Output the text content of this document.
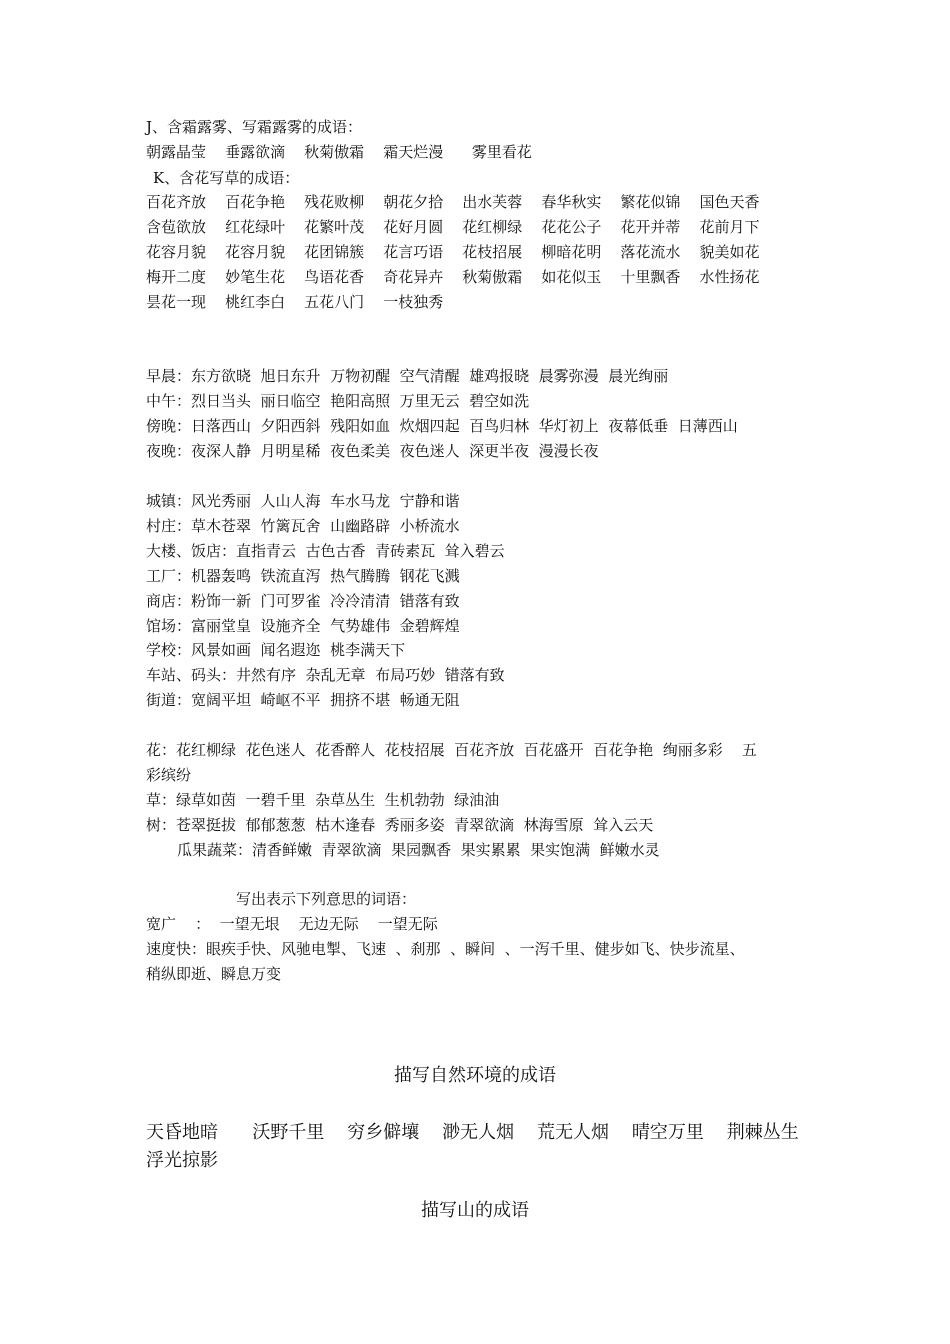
J、含霜露雾、写霜露雾的成语：
朝露晶莹    垂露欲滴    秋菊傲霜    霜天烂漫      雾里看花
K、含花写草的成语：
百花齐放    百花争艳    残花败柳    朝花夕拾    出水芙蓉    春华秋实    繁花似锦    国色天香
含苞欲放    红花绿叶    花繁叶茂    花好月圆    花红柳绿    花花公子    花开并蒂    花前月下
花容月貌    花容月貌    花团锦簇    花言巧语    花枝招展    柳暗花明    落花流水    貌美如花
梅开二度    妙笔生花    鸟语花香    奇花异卉    秋菊傲霜    如花似玉    十里飘香    水性扬花
昙花一现    桃红李白    五花八门    一枝独秀
早晨：东方欲晓  旭日东升  万物初醒  空气清醒  雄鸡报晓  晨雾弥漫  晨光绚丽
中午：烈日当头  丽日临空  艳阳高照  万里无云  碧空如洗
傍晚：日落西山  夕阳西斜  残阳如血  炊烟四起  百鸟归林  华灯初上  夜幕低垂  日薄西山
夜晚：夜深人静  月明星稀  夜色柔美  夜色迷人  深更半夜  漫漫长夜
城镇：风光秀丽  人山人海  车水马龙  宁静和谐
村庄：草木苍翠  竹篱瓦舍  山幽路辟  小桥流水
大楼、饭店：直指青云  古色古香  青砖素瓦  耸入碧云
工厂：机器轰鸣  铁流直泻  热气腾腾  钢花飞溅
商店：粉饰一新  门可罗雀  冷冷清清  错落有致
馆场：富丽堂皇  设施齐全  气势雄伟  金碧辉煌
学校：风景如画  闻名遐迩  桃李满天下
车站、码头：井然有序  杂乱无章  布局巧妙  错落有致
街道：宽阔平坦  崎岖不平  拥挤不堪  畅通无阻
花：花红柳绿  花色迷人  花香醉人  花枝招展  百花齐放  百花盛开  百花争艳  绚丽多彩    五
彩缤纷
草：绿草如茵  一碧千里  杂草丛生  生机勃勃  绿油油
树：苍翠挺拔  郁郁葱葱  枯木逢春  秀丽多姿  青翠欲滴  林海雪原  耸入云天
瓜果蔬菜：清香鲜嫩  青翠欲滴  果园飘香  果实累累  果实饱满  鲜嫩水灵
写出表示下列意思的词语：
宽广    ：  一望无垠    无边无际    一望无际
速度快：眼疾手快、风驰电掣、飞速  、刹那  、瞬间  、一泻千里、健步如飞、快步流星、
稍纵即逝、瞬息万变
描写自然环境的成语
天昏地暗      沃野千里    穷乡僻壤    渺无人烟    荒无人烟    晴空万里    荆棘丛生
浮光掠影
描写山的成语
